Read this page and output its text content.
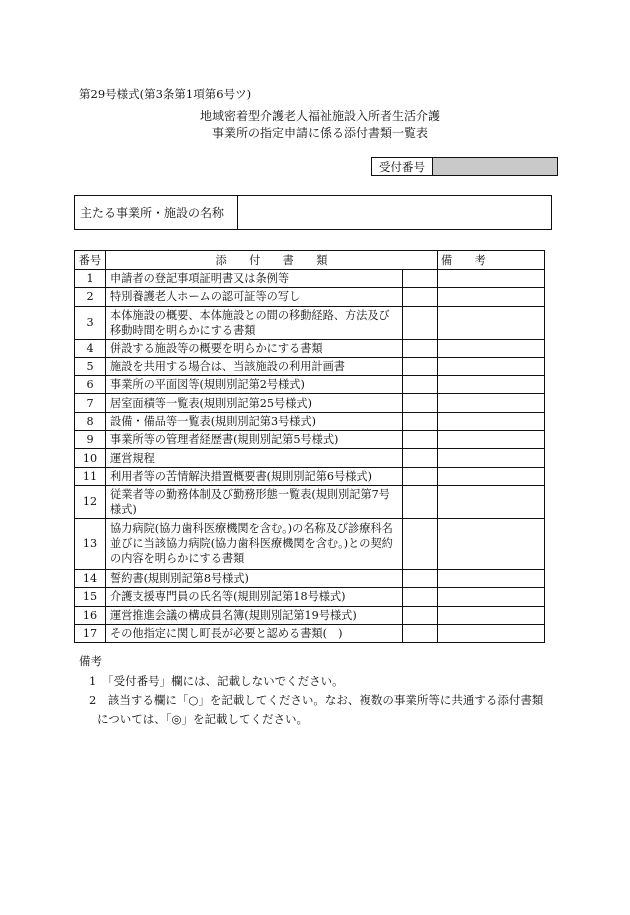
第29号様式(第3条第1項第6号ツ)
地域密着型介護老人福祉施設入所者生活介護
事業所の指定申請に係る添付書類一覧表
受付番号	
主たる事業所・施設の名称	
番号	添　　付　　書　　類		備　　考
1	申請者の登記事項証明書又は条例等		
2	特別養護老人ホームの認可証等の写し		
3	本体施設の概要、本体施設との間の移動経路、方法及び移動時間を明らかにする書類		
4	併設する施設等の概要を明らかにする書類		
5	施設を共用する場合は、当該施設の利用計画書		
6	事業所の平面図等(規則別記第2号様式)		
7	居室面積等一覧表(規則別記第25号様式)		
8	設備・備品等一覧表(規則別記第3号様式)		
9	事業所等の管理者経歴書(規則別記第5号様式)		
10	運営規程		
11	利用者等の苦情解決措置概要書(規則別記第6号様式)		
12	従業者等の勤務体制及び勤務形態一覧表(規則別記第7号様式)		
13	協力病院(協力歯科医療機関を含む。)の名称及び診療科名並びに当該協力病院(協力歯科医療機関を含む。)との契約の内容を明らかにする書類		
14	誓約書(規則別記第8号様式)		
15	介護支援専門員の氏名等(規則別記第18号様式)		
16	運営推進会議の構成員名簿(規則別記第19号様式)		
17	その他指定に関し町長が必要と認める書類(　)		
備考
1　「受付番号」欄には、記載しないでください。
2　該当する欄に「○」を記載してください。なお、複数の事業所等に共通する添付書類
については、「◎」を記載してください。
